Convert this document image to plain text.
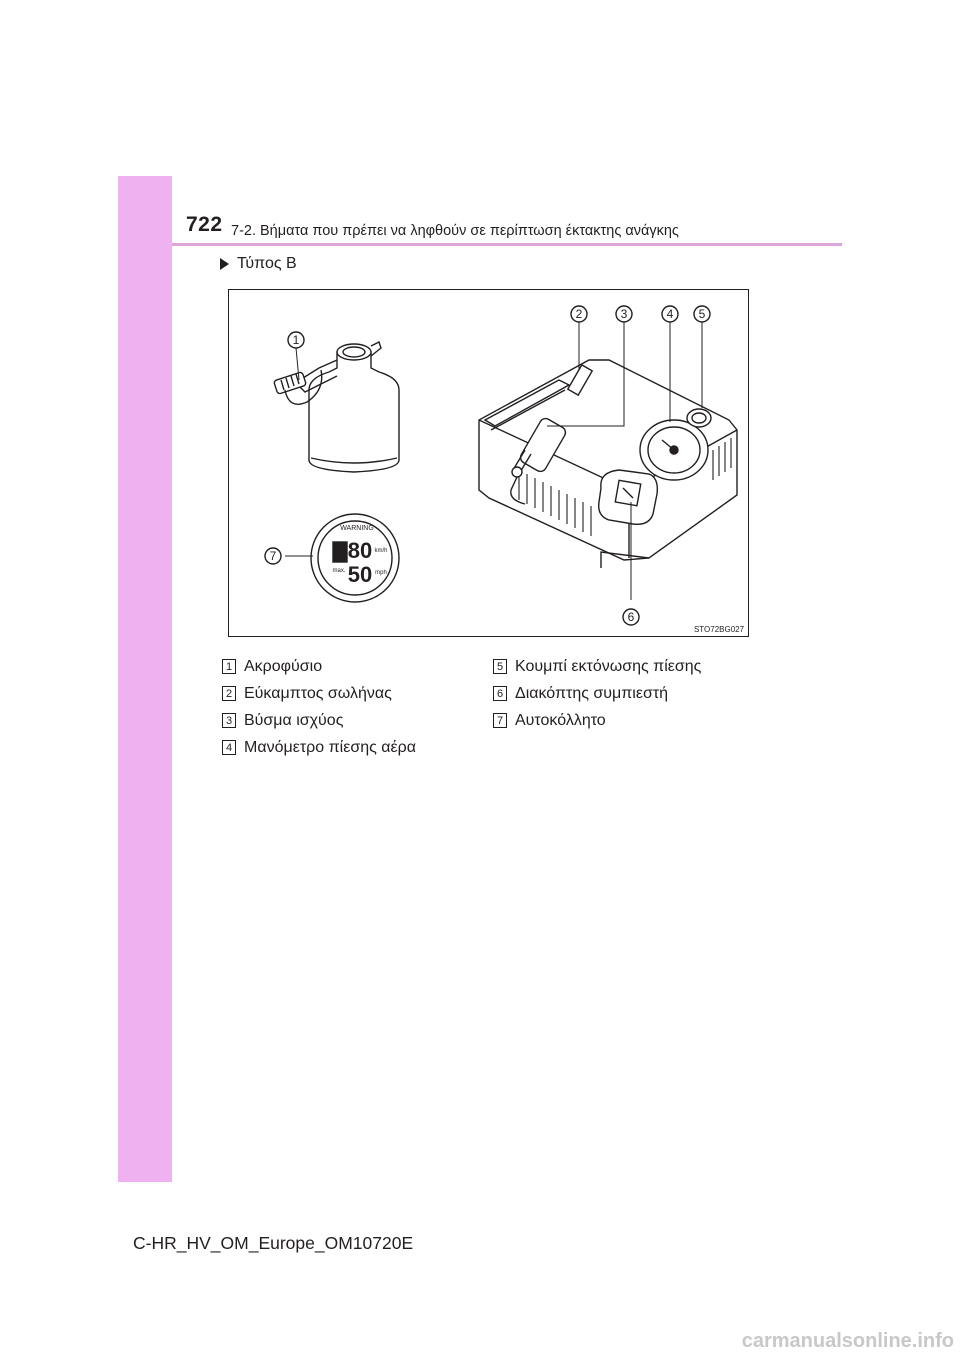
722 7-2. Βήματα που πρέπει να ληφθούν σε περίπτωση έκτακτης ανάγκης
Τύπος B
1
2	3	4 5
6
7	80
50
km/h
mph
max.
WARNING
STO72BG027
1 Ακροφύσιο
2 Εύκαμπτος σωλήνας
3 Βύσμα ισχύος
4 Μανόμετρο πίεσης αέρα
5 Κουμπί εκτόνωσης πίεσης
6 Διακόπτης συμπιεστή
7 Αυτοκόλλητο
C-HR_HV_OM_Europe_OM10720E
carmanualsonline.info
